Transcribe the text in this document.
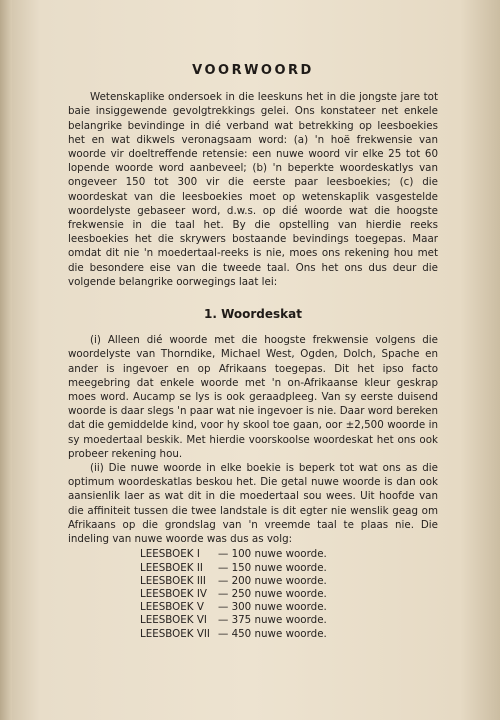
VOORWOORD

Wetenskaplike ondersoek in die leeskuns het in die jongste jare tot baie insiggewende gevolgtrekkings gelei. Ons konstateer net enkele belangrike bevindinge in dié verband wat betrekking op leesboekies het en wat dikwels veronagsaam word: (a) 'n hoë frekwensie van woorde vir doeltreffende retensie: een nuwe woord vir elke 25 tot 60 lopende woorde word aanbeveel; (b) 'n beperkte woordeskatlys van ongeveer 150 tot 300 vir die eerste paar leesboekies; (c) die woordeskat van die leesboekies moet op wetenskaplik vasgestelde woordelyste gebaseer word, d.w.s. op dié woorde wat die hoogste frekwensie in die taal het. By die opstelling van hierdie reeks leesboekies het die skrywers bostaande bevindings toegepas. Maar omdat dit nie 'n moedertaal-reeks is nie, moes ons rekening hou met die besondere eise van die tweede taal. Ons het ons dus deur die volgende belangrike oorwegings laat lei:

1. Woordeskat

(i) Alleen dié woorde met die hoogste frekwensie volgens die woordelyste van Thorndike, Michael West, Ogden, Dolch, Spache en ander is ingevoer en op Afrikaans toegepas. Dit het ipso facto meegebring dat enkele woorde met 'n on-Afrikaanse kleur geskrap moes word. Aucamp se lys is ook geraadpleeg. Van sy eerste duisend woorde is daar slegs 'n paar wat nie ingevoer is nie. Daar word bereken dat die gemiddelde kind, voor hy skool toe gaan, oor ±2,500 woorde in sy moedertaal beskik. Met hierdie voorskoolse woordeskat het ons ook probeer rekening hou.

(ii) Die nuwe woorde in elke boekie is beperk tot wat ons as die optimum woordeskatlas beskou het. Die getal nuwe woorde is dan ook aansienlik laer as wat dit in die moedertaal sou wees. Uit hoofde van die affiniteit tussen die twee landstale is dit egter nie wenslik geag om Afrikaans op die grondslag van 'n vreemde taal te plaas nie. Die indeling van nuwe woorde was dus as volg:

LEESBOEK I — 100 nuwe woorde.
LEESBOEK II — 150 nuwe woorde.
LEESBOEK III — 200 nuwe woorde.
LEESBOEK IV — 250 nuwe woorde.
LEESBOEK V — 300 nuwe woorde.
LEESBOEK VI — 375 nuwe woorde.
LEESBOEK VII — 450 nuwe woorde.
